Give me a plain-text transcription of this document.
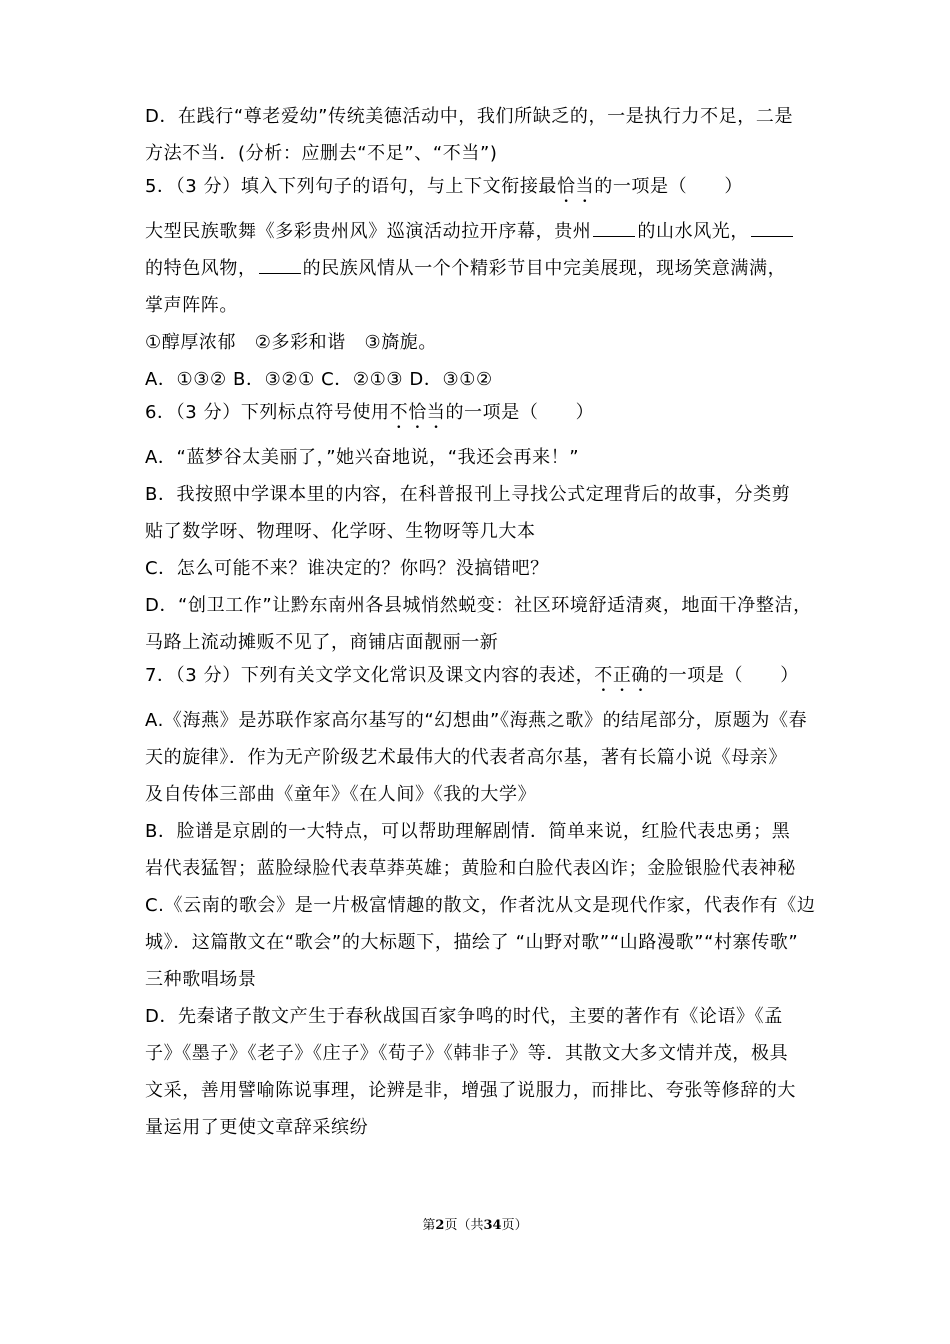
D．在践行“尊老爱幼”传统美德活动中，我们所缺乏的，一是执行力不足，二是

方法不当．(分析：应删去“不足”、“不当”)

5．（3 分）填入下列句子的语句，与上下文衔接最恰当的一项是（　　）

大型民族歌舞《多彩贵州风》巡演活动拉开序幕，贵州	的山水风光，

的特色风物，	的民族风情从一个个精彩节目中完美展现，现场笑意满满，

掌声阵阵。

①醇厚浓郁　②多彩和谐　③旖旎。

A．①③② B．③②① C．②①③ D．③①②

6．（3 分）下列标点符号使用不恰当的一项是（　　）

A．“蓝梦谷太美丽了，”她兴奋地说，“我还会再来！”

B．我按照中学课本里的内容，在科普报刊上寻找公式定理背后的故事，分类剪

贴了数学呀、物理呀、化学呀、生物呀等几大本

C．怎么可能不来？谁决定的？你吗？没搞错吧？

D．“创卫工作”让黔东南州各县城悄然蜕变：社区环境舒适清爽，地面干净整洁，

马路上流动摊贩不见了，商铺店面靓丽一新

7．（3 分）下列有关文学文化常识及课文内容的表述，不正确的一项是（　　）

A.《海燕》是苏联作家高尔基写的“幻想曲”《海燕之歌》的结尾部分，原题为《春

天的旋律》．作为无产阶级艺术最伟大的代表者高尔基，著有长篇小说《母亲》

及自传体三部曲《童年》《在人间》《我的大学》

B．脸谱是京剧的一大特点，可以帮助理解剧情．简单来说，红脸代表忠勇；黑

岩代表猛智；蓝脸绿脸代表草莽英雄；黄脸和白脸代表凶诈；金脸银脸代表神秘

C.《云南的歌会》是一片极富情趣的散文，作者沈从文是现代作家，代表作有《边

城》．这篇散文在“歌会”的大标题下，描绘了 “山野对歌”“山路漫歌”“村寨传歌”

三种歌唱场景

D．先秦诸子散文产生于春秋战国百家争鸣的时代，主要的著作有《论语》《孟

子》《墨子》《老子》《庄子》《荀子》《韩非子》等．其散文大多文情并茂，极具

文采，善用譬喻陈说事理，论辨是非，增强了说服力，而排比、夸张等修辞的大

量运用了更使文章辞采缤纷

第2页（共34页）
